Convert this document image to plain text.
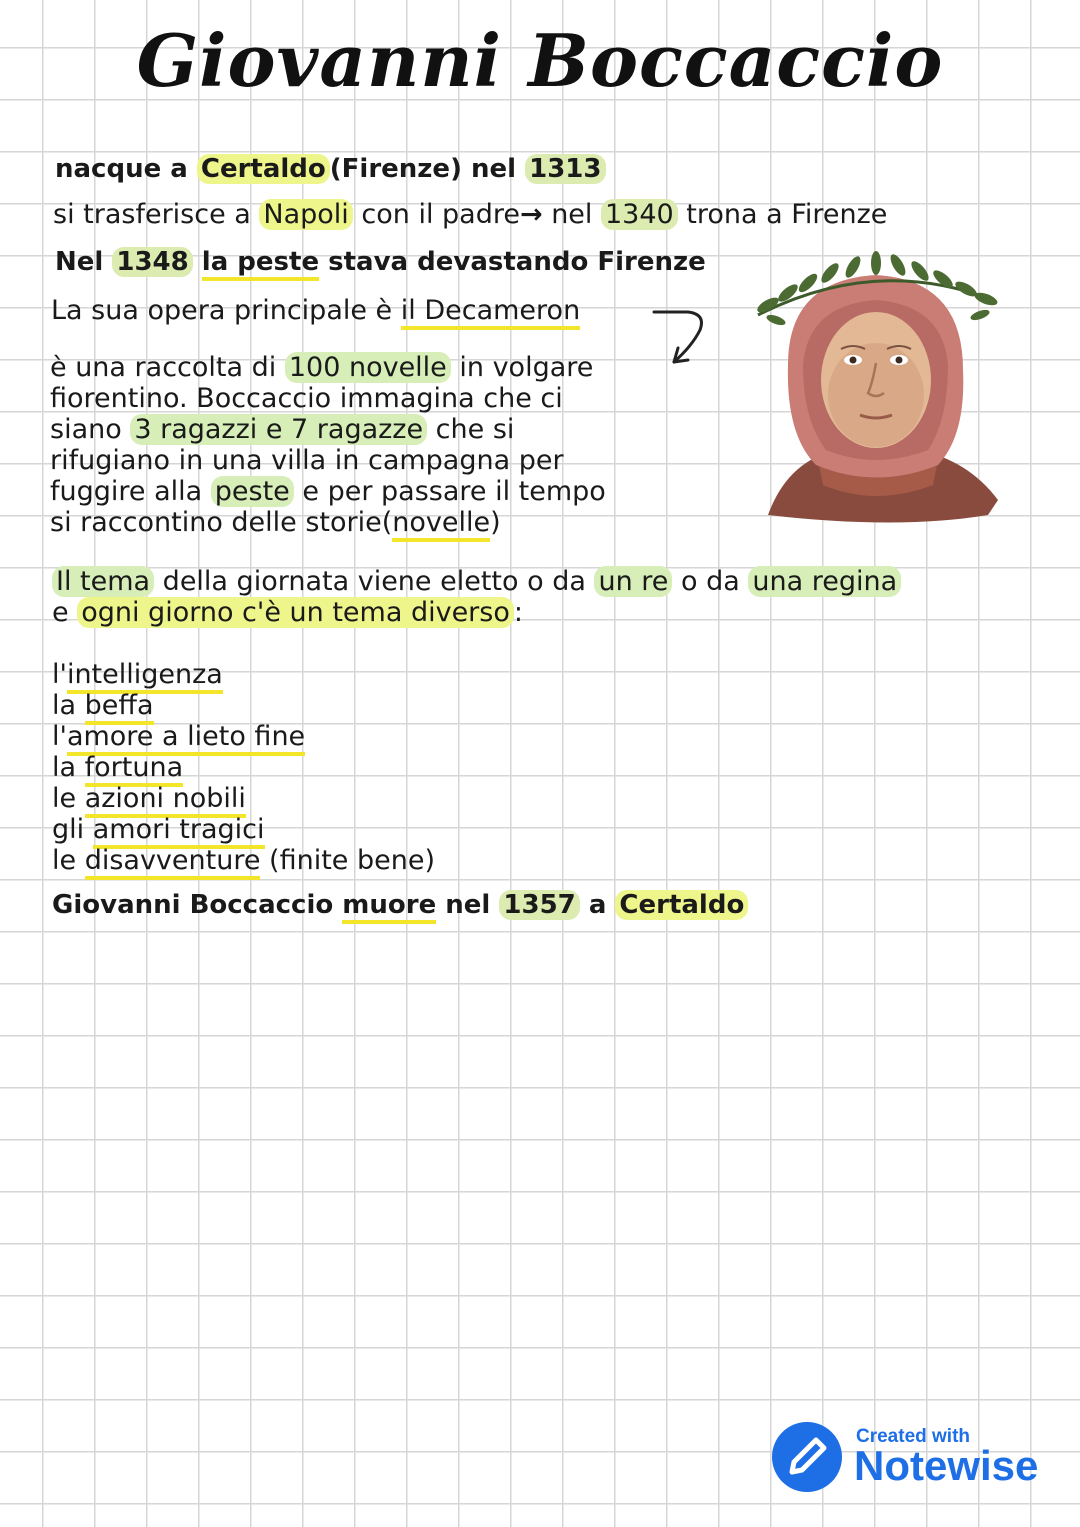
Giovanni Boccaccio
nacque a Certaldo (Firenze) nel 1313
si trasferisce a Napoli con il padre→ nel 1340 trona a Firenze
Nel 1348 la peste stava devastando Firenze
La sua opera principale è il Decameron
è una raccolta di 100 novelle in volgare
fiorentino. Boccaccio immagina che ci
siano 3 ragazzi e 7 ragazze che si
rifugiano in una villa in campagna per
fuggire alla peste e per passare il tempo
si raccontino delle storie(novelle)
Il tema della giornata viene eletto o da un re o da una regina
e ogni giorno c'è un tema diverso :
l'intelligenza
la beffa
l'amore a lieto fine
la fortuna
le azioni nobili
gli amori tragici
le disavventure (finite bene)
Giovanni Boccaccio muore nel 1357 a Certaldo
Created with
Notewise
